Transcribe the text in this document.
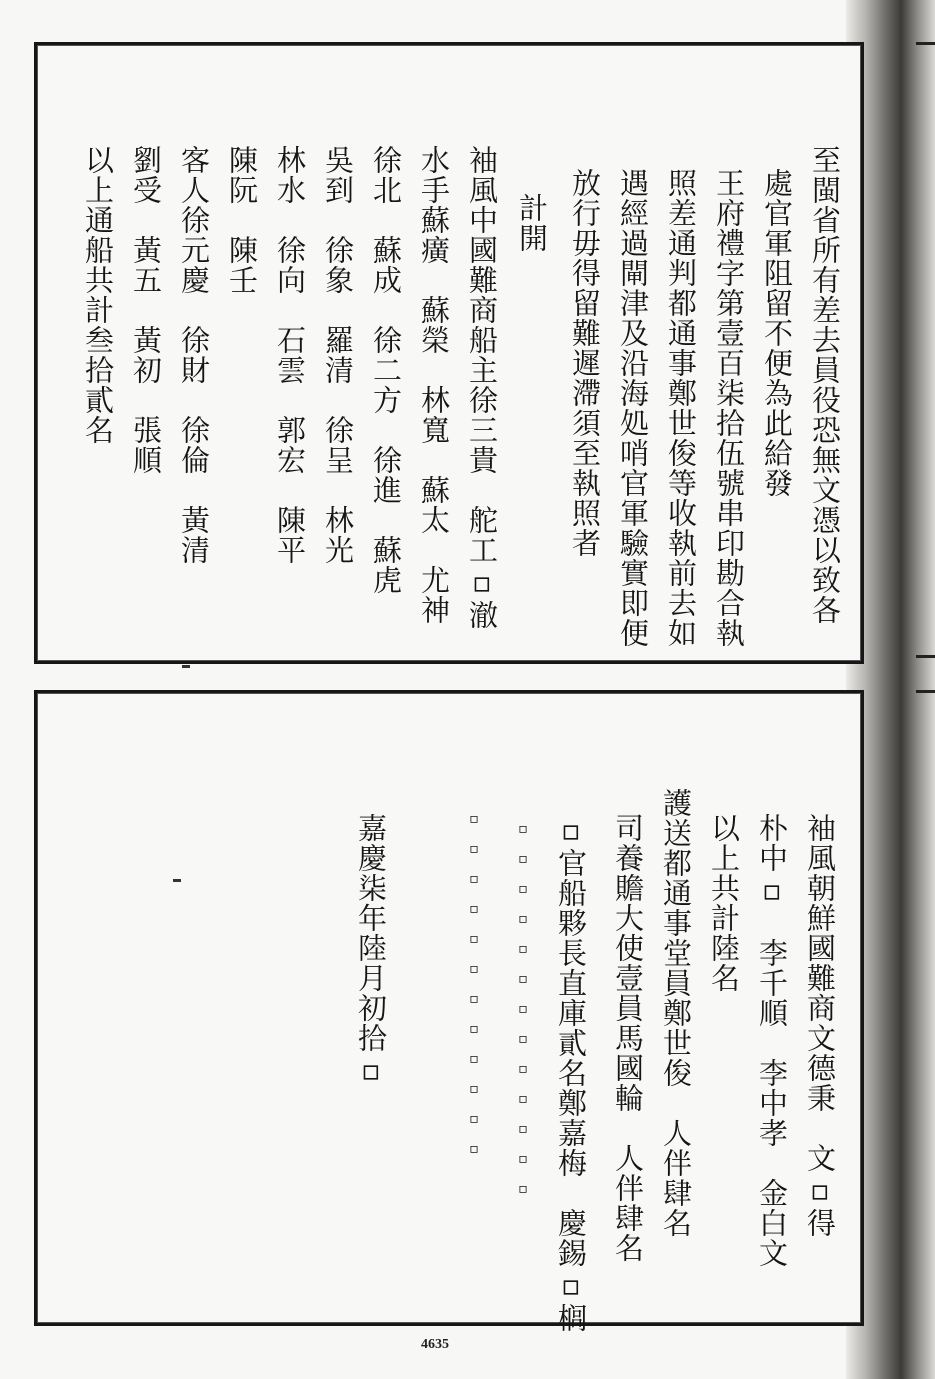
至閩省所有差去員役恐無文憑以致各
處官軍阻留不便為此給發
王府禮字第壹百柒拾伍號串印勘合執
照差通判都通事鄭世俊等收執前去如
遇經過閘津及沿海処哨官軍驗實即便
放行毋得留難遲滯須至執照者
計開
袖風中國難商船主徐三貴　舵工▫澈
水手蘇癀　蘇榮　林寬　蘇太　尤神
徐北　蘇成　徐二方　徐進　蘇虎
吳到　徐象　羅清　徐呈　林光
林水　徐向　石雲　郭宏　陳平
陳阮　陳壬
客人徐元慶　徐財　徐倫　黃清
劉受　黃五　黃初　張順
以上通船共計叁拾貳名
袖風朝鮮國難商文德秉　文▫得
朴中▫　李千順　李中孝　金白文
以上共計陸名
護送都通事堂員鄭世俊　人伴肆名
司養贍大使壹員馬國輪　人伴肆名
▫官船夥長直庫貳名鄭嘉梅　慶錫▫榈
▫▫▫▫▫▫▫▫▫▫▫▫▫
▫▫▫▫▫▫▫▫▫▫▫▫
嘉慶柒年陸月初拾▫
4635
